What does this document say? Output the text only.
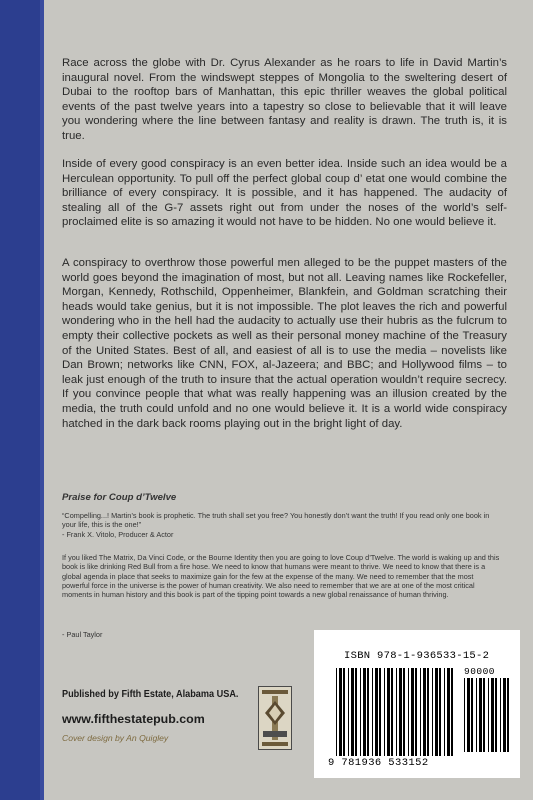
Race across the globe with Dr. Cyrus Alexander as he roars to life in David Martin’s inaugural novel. From the windswept steppes of Mongolia to the sweltering desert of Dubai to the rooftop bars of Manhattan, this epic thriller weaves the global political events of the past twelve years into a tapestry so close to believable that it will leave you wondering where the line between fantasy and reality is drawn. The truth is, it is true.

Inside of every good conspiracy is an even better idea. Inside such an idea would be a Herculean opportunity. To pull off the perfect global coup d’ etat one would combine the brilliance of every conspiracy. It is possible, and it has happened. The audacity of stealing all of the G-7 assets right out from under the noses of the world’s self-proclaimed elite is so amazing it would not have to be hidden. No one would believe it.

A conspiracy to overthrow those powerful men alleged to be the puppet masters of the world goes beyond the imagination of most, but not all. Leaving names like Rockefeller, Morgan, Kennedy, Rothschild, Oppenheimer, Blankfein, and Goldman scratching their heads would take genius, but it is not impossible. The plot leaves the rich and powerful wondering who in the hell had the audacity to actually use their hubris as the fulcrum to empty their collective pockets as well as their personal money machine of the Treasury of the United States. Best of all, and easiest of all is to use the media – novelists like Dan Brown; networks like CNN, FOX, al-Jazeera; and BBC; and Hollywood films – to leak just enough of the truth to insure that the actual operation wouldn’t require secrecy. If you convince people that what was really happening was an illusion created by the media, the truth could unfold and no one would believe it. It is a world wide conspiracy hatched in the dark back rooms playing out in the bright light of day.

Praise for Coup d’Twelve

“Compelling...! Martin’s book is prophetic. The truth shall set you free? You honestly don’t want the truth! If you read only one book in your life, this is the one!”
- Frank X. Vitolo, Producer & Actor

If you liked The Matrix, Da Vinci Code, or the Bourne Identity then you are going to love Coup d’Twelve. The world is waking up and this book is like drinking Red Bull from a fire hose. We need to know that humans were meant to thrive. We need to know that there is a global agenda in place that seeks to maximize gain for the few at the expense of the many. We need to remember that the most powerful force in the universe is the power of human creativity. We also need to remember that we are at one of the most critical moments in human history and this book is part of the tipping point towards a new global renaissance of human thriving.

- Paul Taylor

Published by Fifth Estate, Alabama USA.

www.fifthestatepub.com

Cover design by An Quigley

ISBN 978-1-936533-15-2

90000

9 781936 533152
